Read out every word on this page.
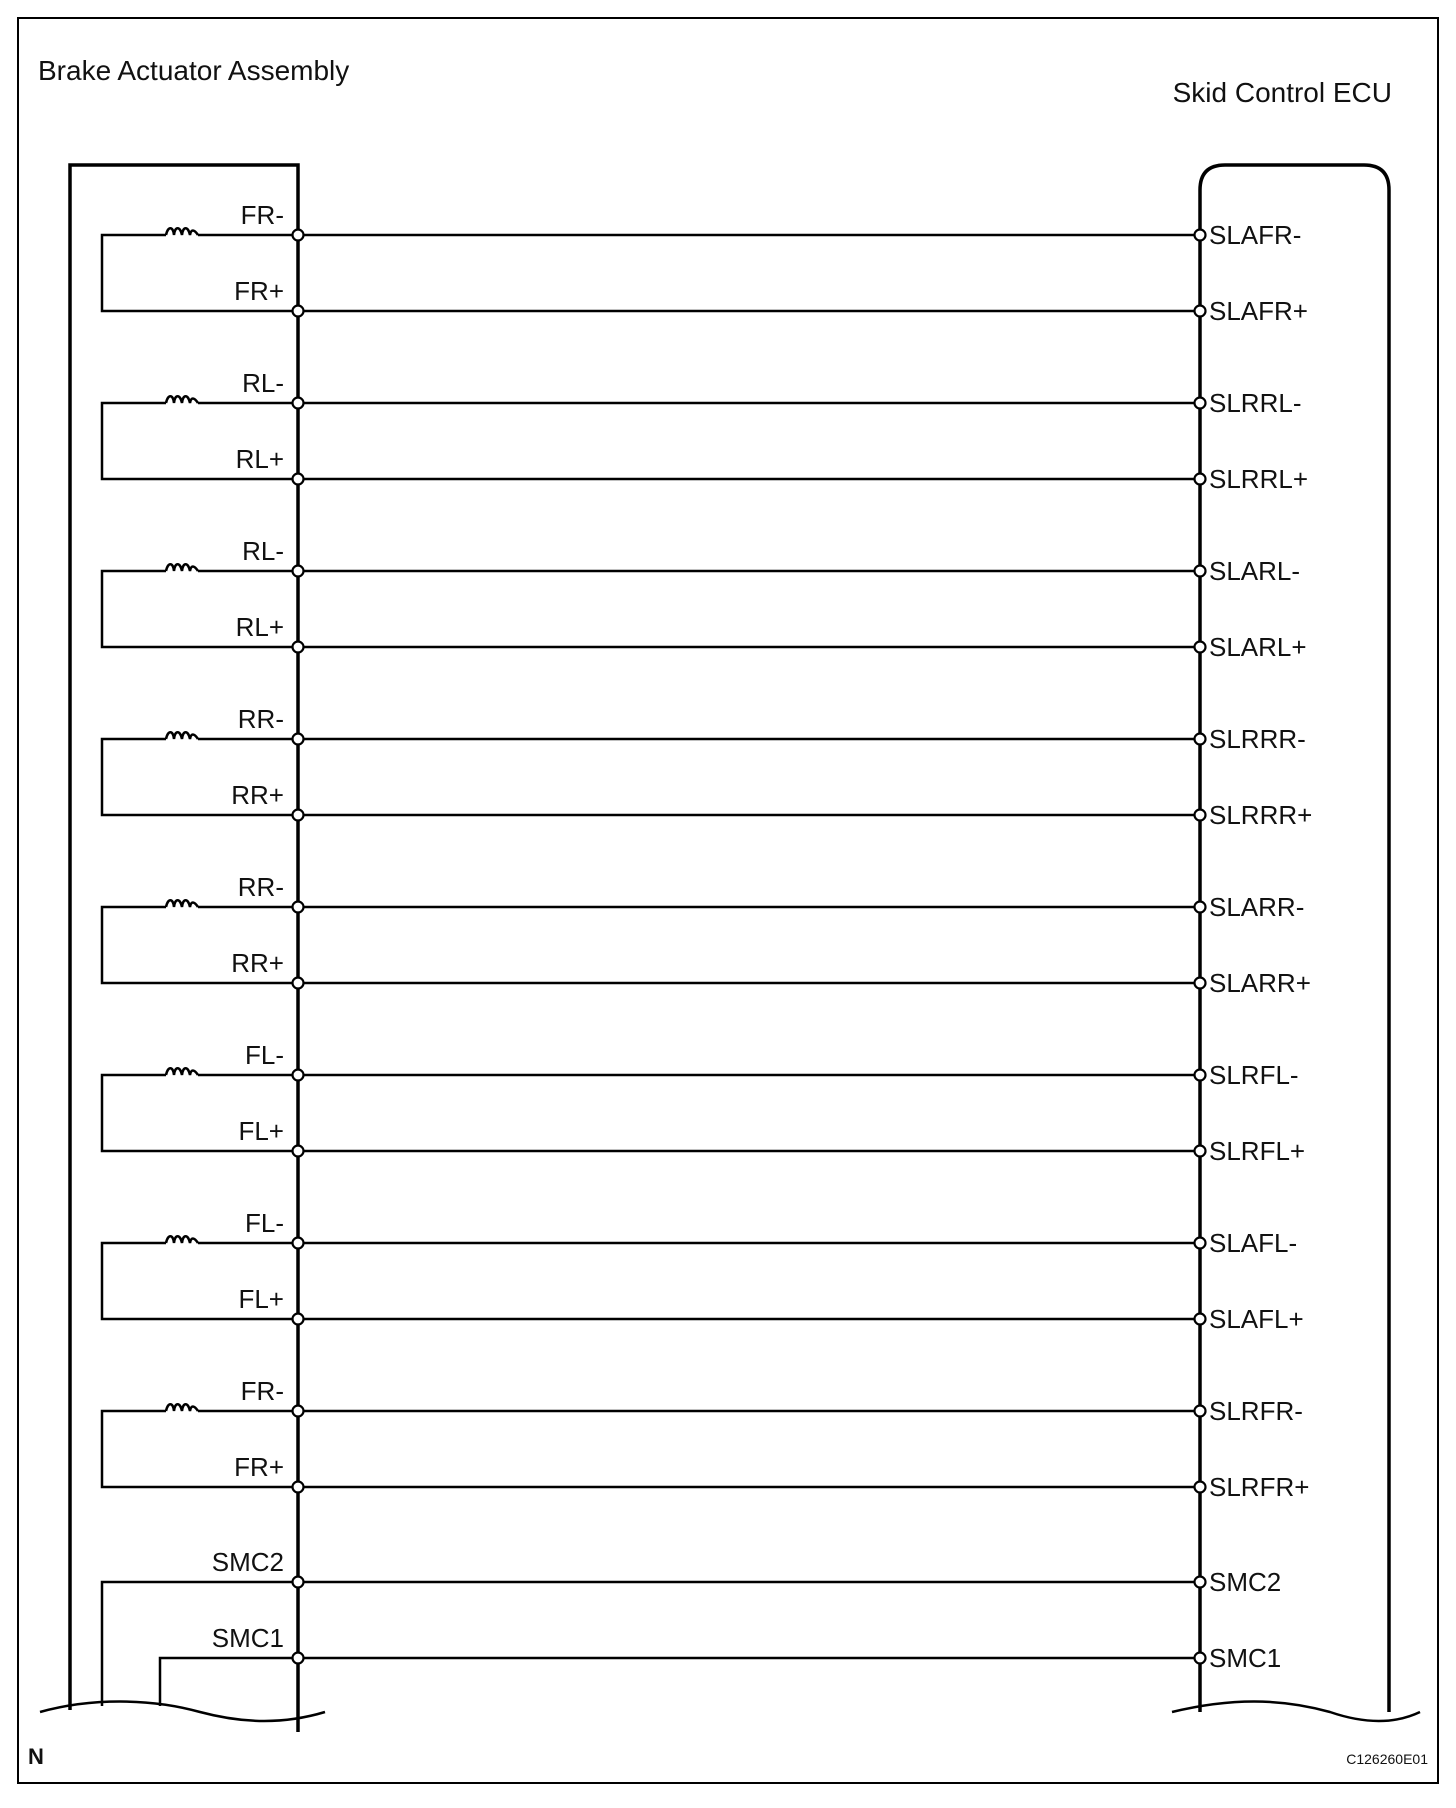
Brake Actuator Assembly
Skid Control ECU
FR-
FR+
SLAFR-
SLAFR+
RL-
RL+
SLRRL-
SLRRL+
RL-
RL+
SLARL-
SLARL+
RR-
RR+
SLRRR-
SLRRR+
RR-
RR+
SLARR-
SLARR+
FL-
FL+
SLRFL-
SLRFL+
FL-
FL+
SLAFL-
SLAFL+
FR-
FR+
SLRFR-
SLRFR+
SMC2
SMC2
SMC1
SMC1
N	C126260E01
